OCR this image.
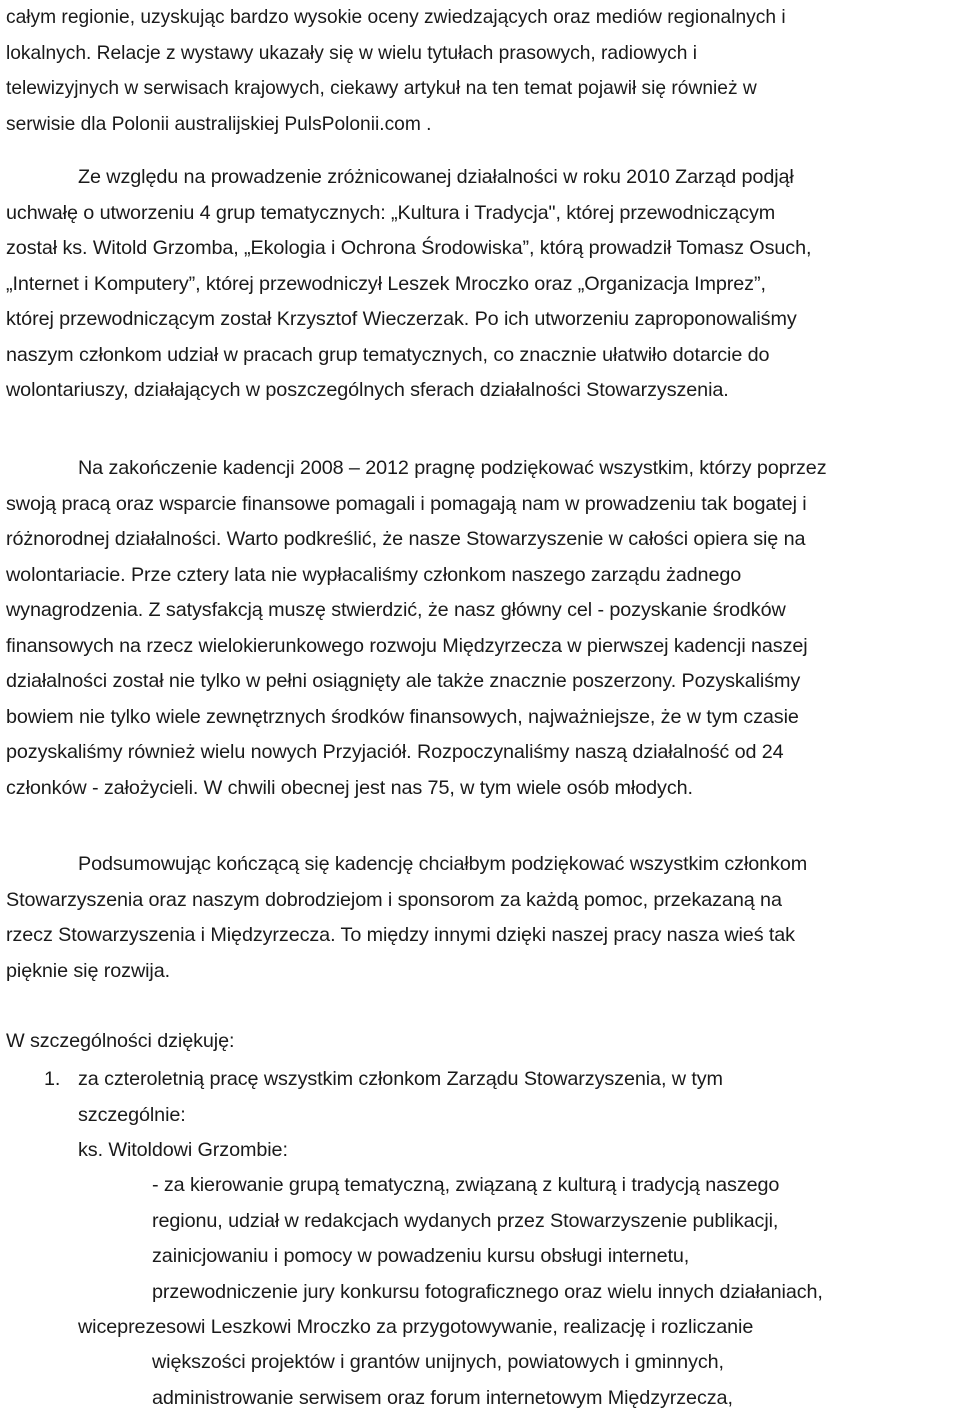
całym regionie, uzyskując bardzo wysokie oceny zwiedzających oraz mediów regionalnych i
lokalnych. Relacje z wystawy ukazały się w wielu tytułach prasowych, radiowych i
telewizyjnych w serwisach krajowych, ciekawy artykuł na ten temat pojawił się również w
serwisie dla Polonii australijskiej PulsPolonii.com .
Ze względu na prowadzenie zróżnicowanej działalności w roku 2010 Zarząd podjął
uchwałę o utworzeniu 4 grup tematycznych: „Kultura i Tradycja", której przewodniczącym
został ks. Witold Grzomba, „Ekologia i Ochrona Środowiska”, którą prowadził Tomasz Osuch,
„Internet i Komputery”, której przewodniczył Leszek Mroczko oraz „Organizacja Imprez”,
której przewodniczącym został Krzysztof Wieczerzak. Po ich utworzeniu zaproponowaliśmy
naszym członkom udział w pracach grup tematycznych, co znacznie ułatwiło dotarcie do
wolontariuszy, działających w poszczególnych sferach działalności Stowarzyszenia.
Na zakończenie kadencji 2008 – 2012 pragnę podziękować wszystkim, którzy poprzez
swoją pracą oraz wsparcie finansowe pomagali i pomagają nam w prowadzeniu tak bogatej i
różnorodnej działalności. Warto podkreślić, że nasze Stowarzyszenie w całości opiera się na
wolontariacie. Prze cztery lata nie wypłacaliśmy członkom naszego zarządu żadnego
wynagrodzenia. Z satysfakcją muszę stwierdzić, że nasz główny cel - pozyskanie środków
finansowych na rzecz wielokierunkowego rozwoju Międzyrzecza w pierwszej kadencji naszej
działalności został nie tylko w pełni osiągnięty ale także znacznie poszerzony. Pozyskaliśmy
bowiem nie tylko wiele zewnętrznych środków finansowych, najważniejsze, że w tym czasie
pozyskaliśmy również wielu nowych Przyjaciół. Rozpoczynaliśmy naszą działalność od 24
członków - założycieli. W chwili obecnej jest nas 75, w tym wiele osób młodych.
Podsumowując kończącą się kadencję chciałbym podziękować wszystkim członkom
Stowarzyszenia oraz naszym dobrodziejom i sponsorom za każdą pomoc, przekazaną na
rzecz Stowarzyszenia i Międzyrzecza. To między innymi dzięki naszej pracy nasza wieś tak
pięknie się rozwija.
W szczególności dziękuję:
1. za czteroletnią pracę wszystkim członkom Zarządu Stowarzyszenia, w tym
szczególnie:
ks. Witoldowi Grzombie:
- za kierowanie grupą tematyczną, związaną z kulturą i tradycją naszego
regionu, udział w redakcjach wydanych przez Stowarzyszenie publikacji,
zainicjowaniu i pomocy w powadzeniu kursu obsługi internetu,
przewodniczenie jury konkursu fotograficznego oraz wielu innych działaniach,
wiceprezesowi Leszkowi Mroczko za przygotowywanie, realizację i rozliczanie
większości projektów i grantów unijnych, powiatowych i gminnych,
administrowanie serwisem oraz forum internetowym Międzyrzecza,
